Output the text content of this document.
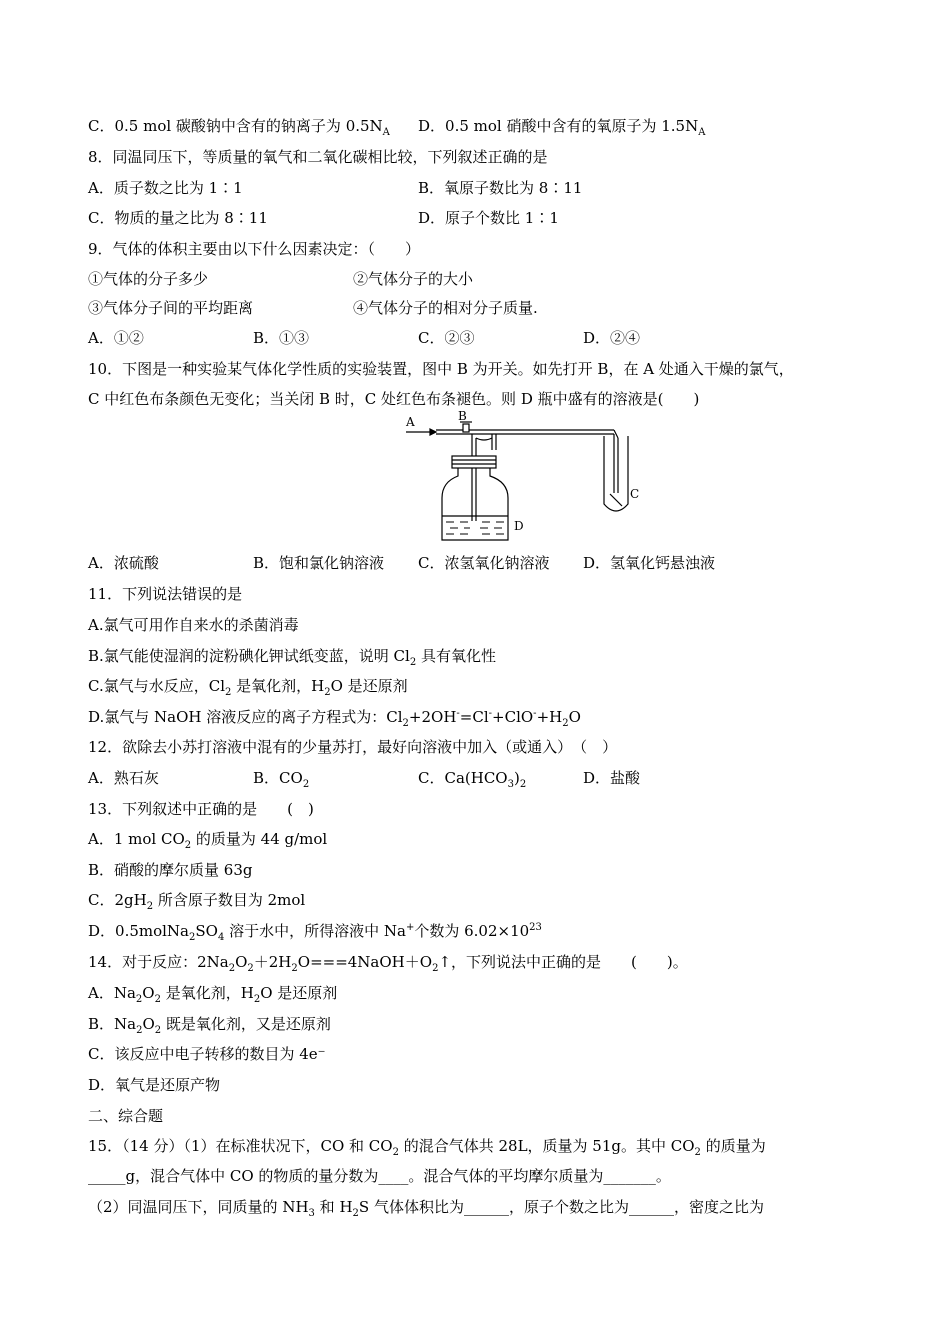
C．0.5 mol 碳酸钠中含有的钠离子为 $0.5N_A$ D．0.5 mol 硝酸中含有的氧原子为 $1.5N_A$
8．同温同压下，等质量的氧气和二氧化碳相比较，下列叙述正确的是
A．质子数之比为 1∶1	B．氧原子数比为 8∶11
C．物质的量之比为 8∶11	D．原子个数比 1∶1
9．气体的体积主要由以下什么因素决定：（　　）
①气体的分子多少	②气体分子的大小
③气体分子间的平均距离	④气体分子的相对分子质量.
A．①②	B．①③	C．②③	D．②④
10．下图是一种实验某气体化学性质的实验装置，图中 B 为开关。如先打开 B，在 A 处通入干燥的氯气，
C 中红色布条颜色无变化；当关闭 B 时，C 处红色布条褪色。则 D 瓶中盛有的溶液是(　　)
A	B
C
D
A．浓硫酸	B．饱和氯化钠溶液 C．浓氢氧化钠溶液 D．氢氧化钙悬浊液
11．下列说法错误的是
A.氯气可用作自来水的杀菌消毒
B.氯气能使湿润的淀粉碘化钾试纸变蓝，说明 $Cl_2$ 具有氧化性
C.氯气与水反应，$Cl_2$ 是氧化剂，$H_2O$ 是还原剂
D.氯气与 NaOH 溶液反应的离子方程式为：$Cl_2+2OH^-=Cl^-+ClO^-+H_2O$
12．欲除去小苏打溶液中混有的少量苏打，最好向溶液中加入（或通入）　（　）
A．熟石灰	B．$CO_2$	C．$Ca(HCO_3)_2$	D．盐酸
13．下列叙述中正确的是　　(　)
A．1 mol $CO_2$ 的质量为 44 g/mol
B．硝酸的摩尔质量 63g
C．$2gH_2$ 所含原子数目为 2mol
D．$0.5molNa_2SO_4$ 溶于水中，所得溶液中 Na+个数为 $6.02\times 10^{23}$
14．对于反应：$2Na_2O_2+2H_2O===4NaOH+O_2↑$，下列说法中正确的是　　(　　)。
A．$Na_2O_2$ 是氧化剂，$H_2O$ 是还原剂
B．$Na_2O_2$ 既是氧化剂，又是还原剂
C．该反应中电子转移的数目为 4e⁻
D．氧气是还原产物
二、综合题
15．（14 分）（1）在标准状况下，CO 和 $CO_2$ 的混合气体共 28L，质量为 51g。其中 $CO_2$ 的质量为
_____g，混合气体中 CO 的物质的量分数为____。混合气体的平均摩尔质量为_______。
（2）同温同压下，同质量的 $NH_3$ 和 $H_2S$ 气体体积比为______，原子个数之比为______，密度之比为
